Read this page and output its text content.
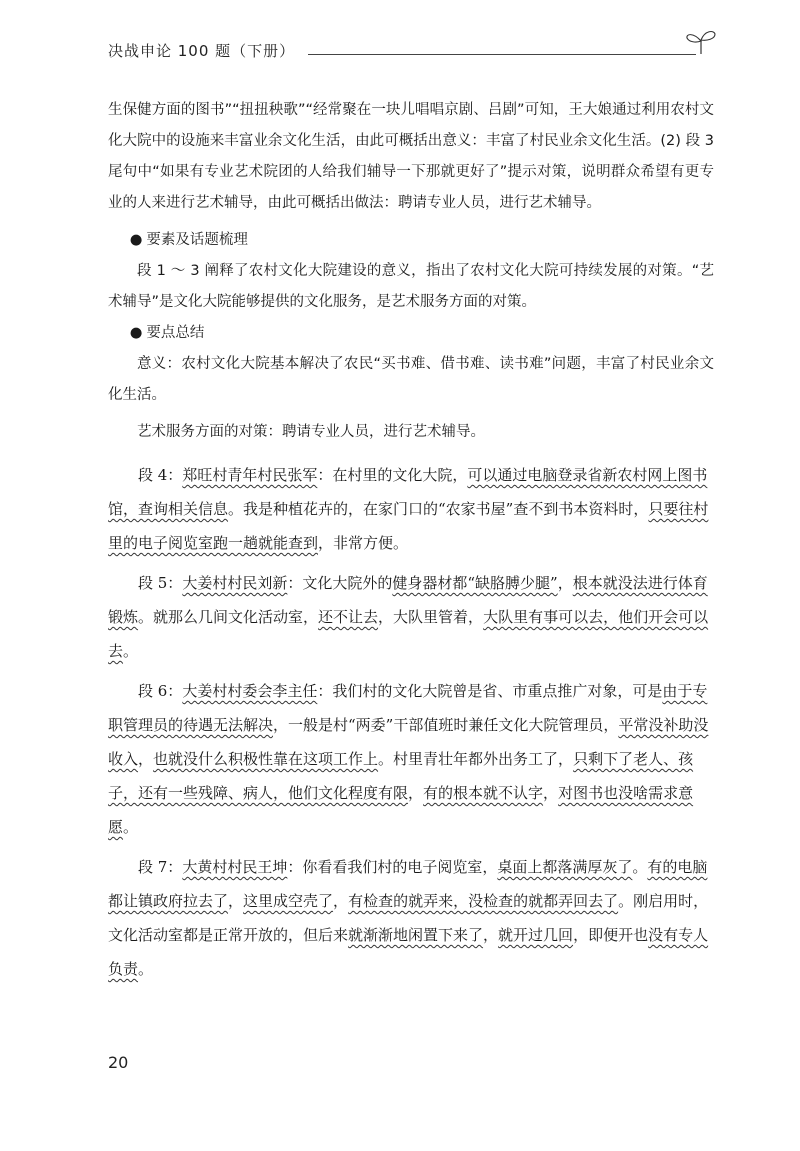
决战申论 100 题（下册）

生保健方面的图书”“扭扭秧歌”“经常聚在一块儿唱唱京剧、吕剧”可知，王大娘通过利用农村文化大院中的设施来丰富业余文化生活，由此可概括出意义：丰富了村民业余文化生活。(2) 段 3 尾句中“如果有专业艺术院团的人给我们辅导一下那就更好了”提示对策，说明群众希望有更专业的人来进行艺术辅导，由此可概括出做法：聘请专业人员，进行艺术辅导。

● 要素及话题梳理

段 1 ～ 3 阐释了农村文化大院建设的意义，指出了农村文化大院可持续发展的对策。“艺术辅导”是文化大院能够提供的文化服务，是艺术服务方面的对策。

● 要点总结

意义：农村文化大院基本解决了农民“买书难、借书难、读书难”问题，丰富了村民业余文化生活。

艺术服务方面的对策：聘请专业人员，进行艺术辅导。

段 4：郑旺村青年村民张军：在村里的文化大院，可以通过电脑登录省新农村网上图书馆，查询相关信息。我是种植花卉的，在家门口的“农家书屋”查不到书本资料时，只要往村里的电子阅览室跑一趟就能查到，非常方便。

段 5：大姜村村民刘新：文化大院外的健身器材都“缺胳膊少腿”，根本就没法进行体育锻炼。就那么几间文化活动室，还不让去，大队里管着，大队里有事可以去，他们开会可以去。

段 6：大姜村村委会李主任：我们村的文化大院曾是省、市重点推广对象，可是由于专职管理员的待遇无法解决，一般是村“两委”干部值班时兼任文化大院管理员，平常没补助没收入，也就没什么积极性靠在这项工作上。村里青壮年都外出务工了，只剩下了老人、孩子，还有一些残障、病人，他们文化程度有限，有的根本就不认字，对图书也没啥需求意愿。

段 7：大黄村村民王坤：你看看我们村的电子阅览室，桌面上都落满厚灰了。有的电脑都让镇政府拉去了，这里成空壳了，有检查的就弄来，没检查的就都弄回去了。刚启用时，文化活动室都是正常开放的，但后来就渐渐地闲置下来了，就开过几回，即便开也没有专人负责。

20
